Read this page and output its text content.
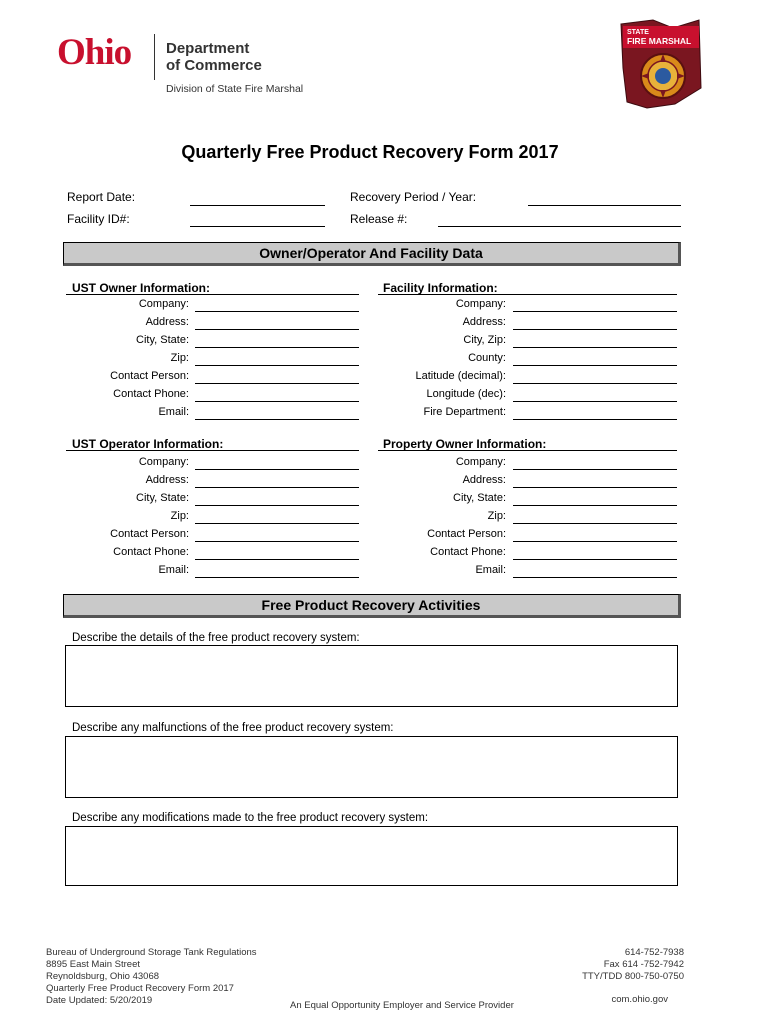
Ohio Department
of Commerce
Division of State Fire Marshal
STATE
FIRE MARSHAL
Quarterly Free Product Recovery Form 2017
Report Date:
Facility ID#:
Recovery Period / Year:
Release #:
Owner/Operator And Facility Data
UST Owner Information:
Company:
Address:
City, State:
Zip:
Contact Person:
Contact Phone:
Email:
Facility Information:
Company:
Address:
City, Zip:
County:
Latitude (decimal):
Longitude (dec):
Fire Department:
UST Operator Information:
Company:
Address:
City, State:
Zip:
Contact Person:
Contact Phone:
Email:
Property Owner Information:
Company:
Address:
City, State:
Zip:
Contact Person:
Contact Phone:
Email:
Free Product Recovery Activities
Describe the details of the free product recovery system:
Describe any malfunctions of the free product recovery system:
Describe any modifications made to the free product recovery system:
Bureau of Underground Storage Tank Regulations
8895 East Main Street
Reynoldsburg, Ohio 43068
Quarterly Free Product Recovery Form 2017
Date Updated: 5/20/2019	An Equal Opportunity Employer and Service Provider
614-752-7938
Fax 614 -752-7942
TTY/TDD 800-750-0750
com.ohio.gov
